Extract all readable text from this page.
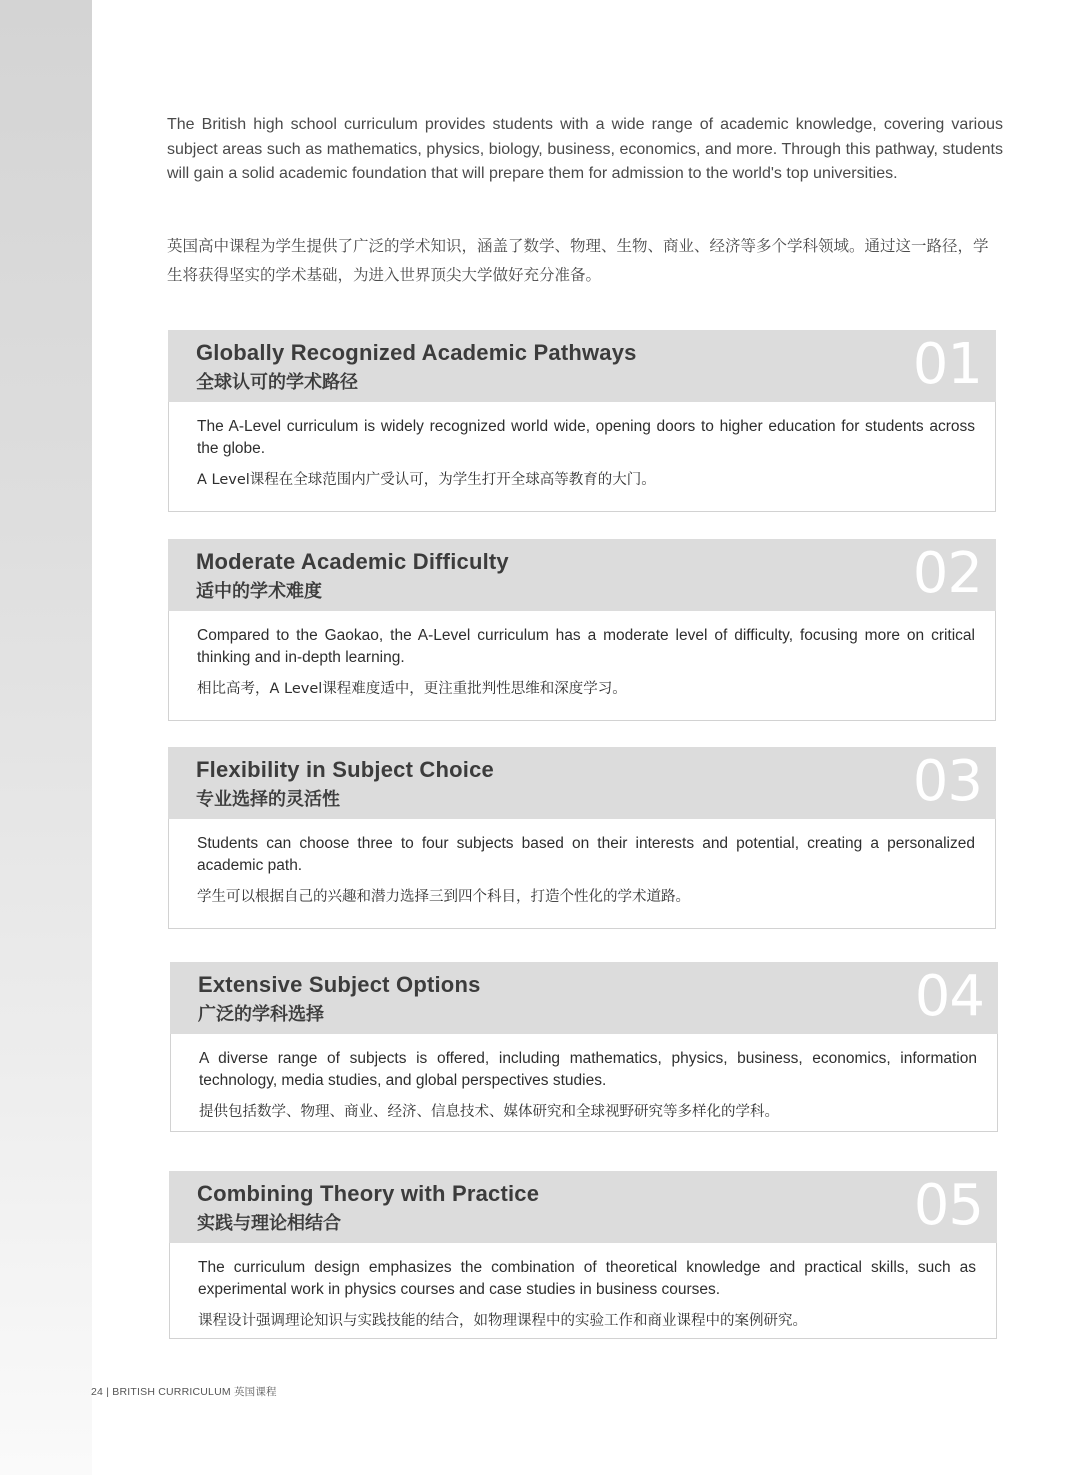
The British high school curriculum provides students with a wide range of academic knowledge, covering various subject areas such as mathematics, physics, biology, business, economics, and more. Through this pathway, students will gain a solid academic foundation that will prepare them for admission to the world's top universities.

英国高中课程为学生提供了广泛的学术知识，涵盖了数学、物理、生物、商业、经济等多个学科领域。通过这一路径，学生将获得坚实的学术基础，为进入世界顶尖大学做好充分准备。

Globally Recognized Academic Pathways
全球认可的学术路径	01

The A-Level curriculum is widely recognized world wide, opening doors to higher education for students across the globe.

A Level课程在全球范围内广受认可，为学生打开全球高等教育的大门。

Moderate Academic Difficulty
适中的学术难度	02

Compared to the Gaokao, the A-Level curriculum has a moderate level of difficulty, focusing more on critical thinking and in-depth learning.

相比高考，A Level课程难度适中，更注重批判性思维和深度学习。

Flexibility in Subject Choice
专业选择的灵活性	03

Students can choose three to four subjects based on their interests and potential, creating a personalized academic path.

学生可以根据自己的兴趣和潜力选择三到四个科目，打造个性化的学术道路。

Extensive Subject Options
广泛的学科选择	04

A diverse range of subjects is offered, including mathematics, physics, business, economics, information technology, media studies, and global perspectives studies.

提供包括数学、物理、商业、经济、信息技术、媒体研究和全球视野研究等多样化的学科。

Combining Theory with Practice
实践与理论相结合	05

The curriculum design emphasizes the combination of theoretical knowledge and practical skills, such as experimental work in physics courses and case studies in business courses.

课程设计强调理论知识与实践技能的结合，如物理课程中的实验工作和商业课程中的案例研究。

24 | BRITISH CURRICULUM 英国课程
